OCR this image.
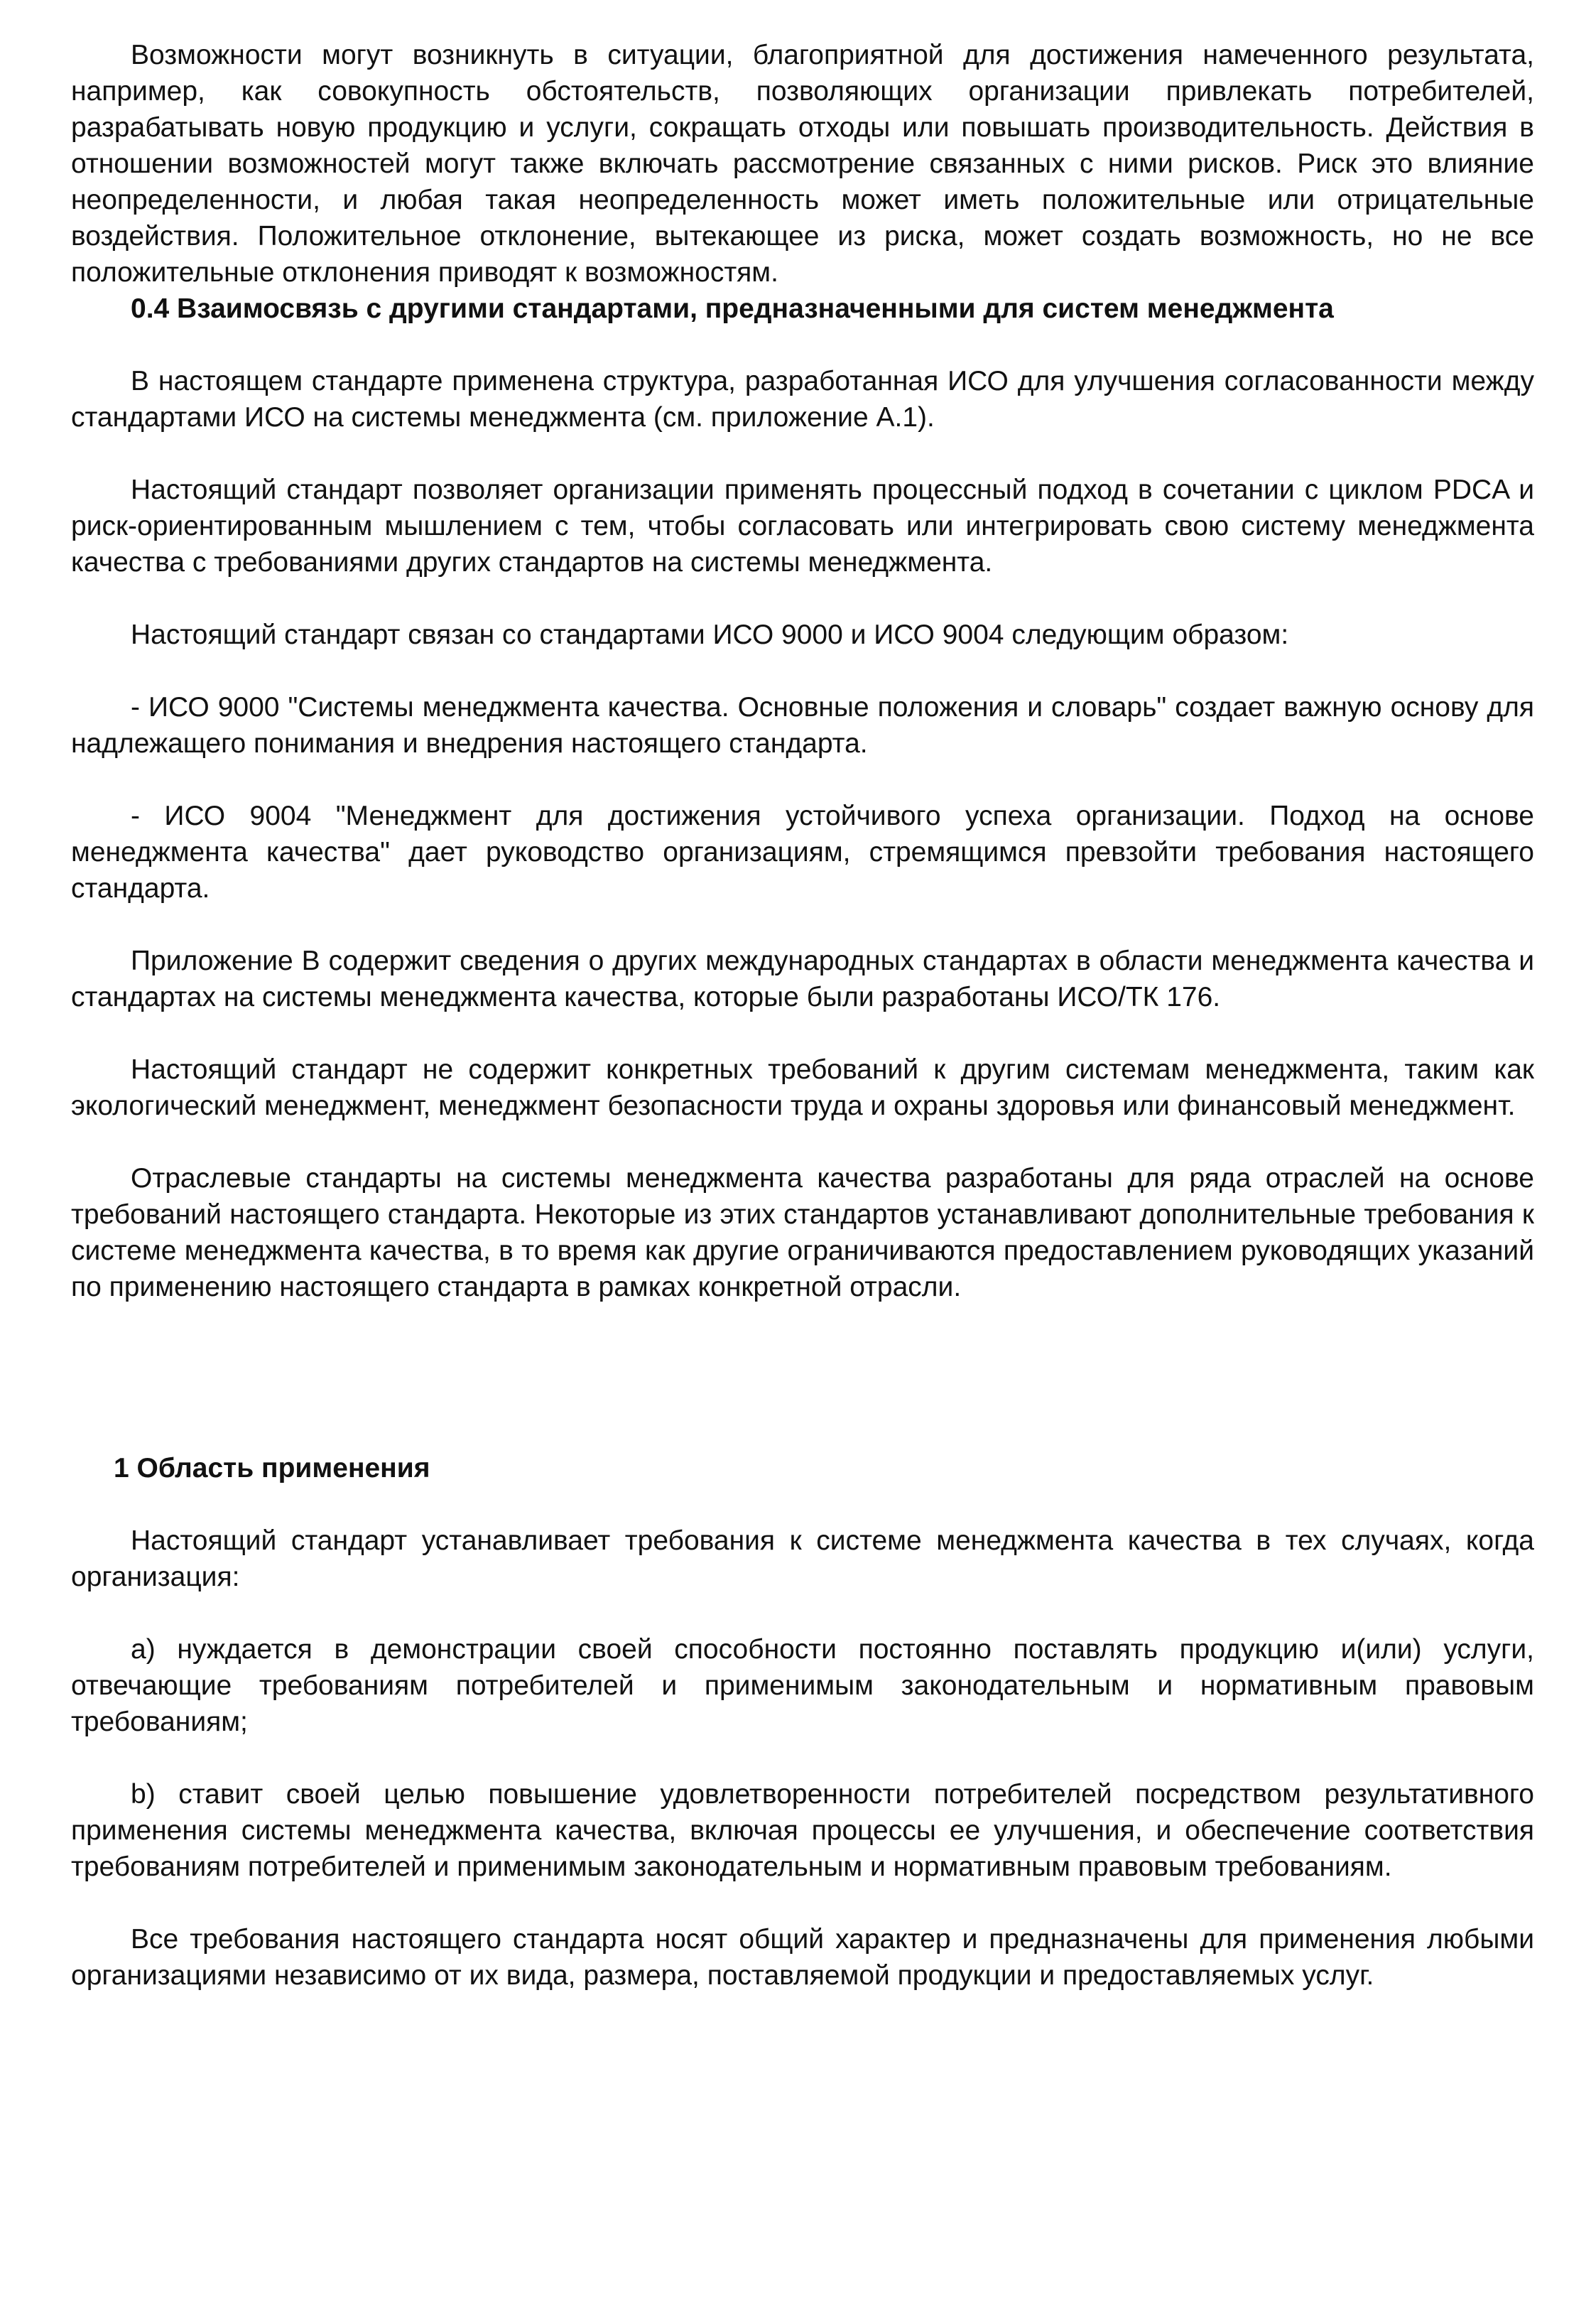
Возможности могут возникнуть в ситуации, благоприятной для достижения намеченного результата, например, как совокупность обстоятельств, позволяющих организации привлекать потребителей, разрабатывать новую продукцию и услуги, сокращать отходы или повышать производительность. Действия в отношении возможностей могут также включать рассмотрение связанных с ними рисков. Риск это влияние неопределенности, и любая такая неопределенность может иметь положительные или отрицательные воздействия. Положительное отклонение, вытекающее из риска, может создать возможность, но не все положительные отклонения приводят к возможностям.

0.4 Взаимосвязь с другими стандартами, предназначенными для систем менеджмента

В настоящем стандарте применена структура, разработанная ИСО для улучшения согласованности между стандартами ИСО на системы менеджмента (см. приложение А.1).

Настоящий стандарт позволяет организации применять процессный подход в сочетании с циклом PDCA и риск-ориентированным мышлением с тем, чтобы согласовать или интегрировать свою систему менеджмента качества с требованиями других стандартов на системы менеджмента.

Настоящий стандарт связан со стандартами ИСО 9000 и ИСО 9004 следующим образом:

- ИСО 9000 "Системы менеджмента качества. Основные положения и словарь" создает важную основу для надлежащего понимания и внедрения настоящего стандарта.

- ИСО 9004 "Менеджмент для достижения устойчивого успеха организации. Подход на основе менеджмента качества" дает руководство организациям, стремящимся превзойти требования настоящего стандарта.

Приложение В содержит сведения о других международных стандартах в области менеджмента качества и стандартах на системы менеджмента качества, которые были разработаны ИСО/ТК 176.

Настоящий стандарт не содержит конкретных требований к другим системам менеджмента, таким как экологический менеджмент, менеджмент безопасности труда и охраны здоровья или финансовый менеджмент.

Отраслевые стандарты на системы менеджмента качества разработаны для ряда отраслей на основе требований настоящего стандарта. Некоторые из этих стандартов устанавливают дополнительные требования к системе менеджмента качества, в то время как другие ограничиваются предоставлением руководящих указаний по применению настоящего стандарта в рамках конкретной отрасли.

1 Область применения

Настоящий стандарт устанавливает требования к системе менеджмента качества в тех случаях, когда организация:

a) нуждается в демонстрации своей способности постоянно поставлять продукцию и(или) услуги, отвечающие требованиям потребителей и применимым законодательным и нормативным правовым требованиям;

b) ставит своей целью повышение удовлетворенности потребителей посредством результативного применения системы менеджмента качества, включая процессы ее улучшения, и обеспечение соответствия требованиям потребителей и применимым законодательным и нормативным правовым требованиям.

Все требования настоящего стандарта носят общий характер и предназначены для применения любыми организациями независимо от их вида, размера, поставляемой продукции и предоставляемых услуг.
